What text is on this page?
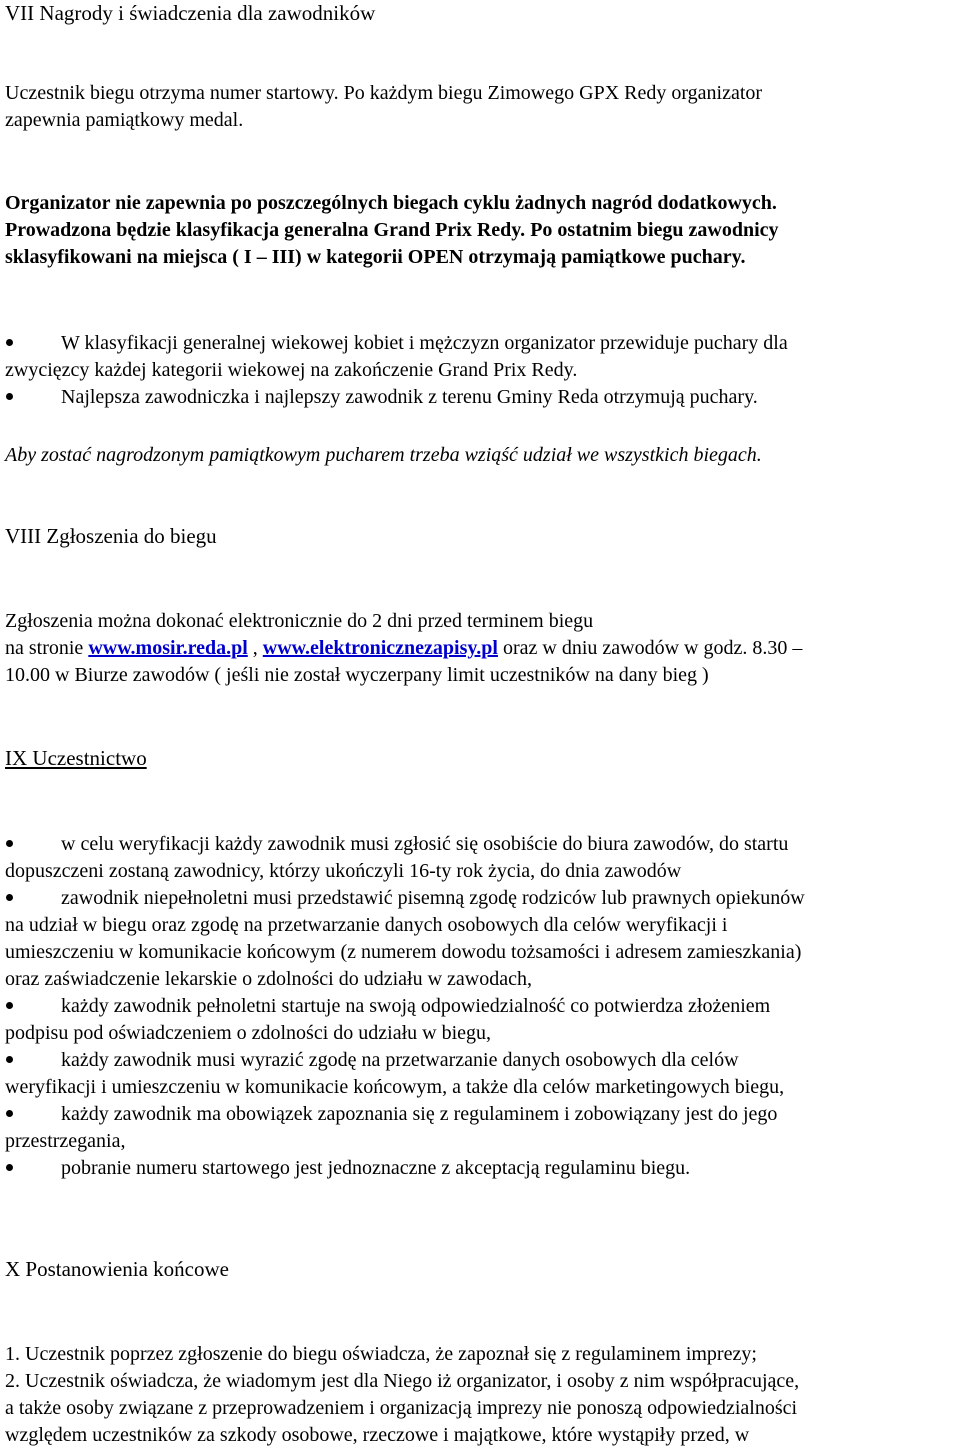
VII Nagrody i świadczenia dla zawodników
Uczestnik biegu otrzyma numer startowy. Po każdym biegu Zimowego GPX Redy organizator
zapewnia pamiątkowy medal.
Organizator nie zapewnia po poszczególnych biegach cyklu żadnych nagród dodatkowych.
Prowadzona będzie klasyfikacja generalna Grand Prix Redy. Po ostatnim biegu zawodnicy
sklasyfikowani na miejsca ( I – III) w kategorii OPEN otrzymają pamiątkowe puchary.
W klasyfikacji generalnej wiekowej kobiet i mężczyzn organizator przewiduje puchary dla
zwycięzcy każdej kategorii wiekowej na zakończenie Grand Prix Redy.
Najlepsza zawodniczka i najlepszy zawodnik z terenu Gminy Reda otrzymują puchary.
Aby zostać nagrodzonym pamiątkowym pucharem trzeba wziąść udział we wszystkich biegach.
VIII Zgłoszenia do biegu
Zgłoszenia można dokonać elektronicznie do 2 dni przed terminem biegu
na stronie www.mosir.reda.pl , www.elektronicznezapisy.pl oraz w dniu zawodów w godz. 8.30 –
10.00 w Biurze zawodów ( jeśli nie został wyczerpany limit uczestników na dany bieg )
IX Uczestnictwo
w celu weryfikacji każdy zawodnik musi zgłosić się osobiście do biura zawodów, do startu
dopuszczeni zostaną zawodnicy, którzy ukończyli 16-ty rok życia, do dnia zawodów
zawodnik niepełnoletni musi przedstawić pisemną zgodę rodziców lub prawnych opiekunów
na udział w biegu oraz zgodę na przetwarzanie danych osobowych dla celów weryfikacji i
umieszczeniu w komunikacie końcowym (z numerem dowodu tożsamości i adresem zamieszkania)
oraz zaświadczenie lekarskie o zdolności do udziału w zawodach,
każdy zawodnik pełnoletni startuje na swoją odpowiedzialność co potwierdza złożeniem
podpisu pod oświadczeniem o zdolności do udziału w biegu,
każdy zawodnik musi wyrazić zgodę na przetwarzanie danych osobowych dla celów
weryfikacji i umieszczeniu w komunikacie końcowym, a także dla celów marketingowych biegu,
każdy zawodnik ma obowiązek zapoznania się z regulaminem i zobowiązany jest do jego
przestrzegania,
pobranie numeru startowego jest jednoznaczne z akceptacją regulaminu biegu.
X Postanowienia końcowe
1. Uczestnik poprzez zgłoszenie do biegu oświadcza, że zapoznał się z regulaminem imprezy;
2. Uczestnik oświadcza, że wiadomym jest dla Niego iż organizator, i osoby z nim współpracujące,
a także osoby związane z przeprowadzeniem i organizacją imprezy nie ponoszą odpowiedzialności
względem uczestników za szkody osobowe, rzeczowe i majątkowe, które wystąpiły przed, w
